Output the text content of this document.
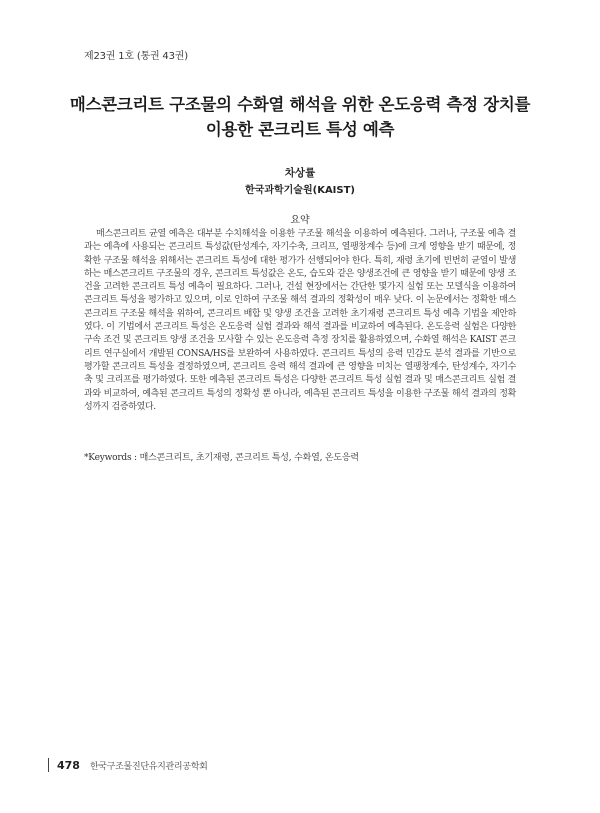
제23권 1호 (통권 43권)
매스콘크리트 구조물의 수화열 해석을 위한 온도응력 측정 장치를
이용한 콘크리트 특성 예측
차상률
한국과학기술원(KAIST)
요약

매스콘크리트 균열 예측은 대부분 수치해석을 이용한 구조물 해석을 이용하여 예측된다. 그러나, 구조물 예측 결과는 예측에 사용되는 콘크리트 특성값(탄성계수, 자기수축, 크리프, 열팽창계수 등)에 크게 영향을 받기 때문에, 정확한 구조물 해석을 위해서는 콘크리트 특성에 대한 평가가 선행되어야 한다. 특히, 재령 초기에 빈번히 균열이 발생하는 매스콘크리트 구조물의 경우, 콘크리트 특성값은 온도, 습도와 같은 양생조건에 큰 영향을 받기 때문에 양생 조건을 고려한 콘크리트 특성 예측이 필요하다. 그러나, 건설 현장에서는 간단한 몇가지 실험 또는 모델식을 이용하여 콘크리트 특성을 평가하고 있으며, 이로 인하여 구조물 해석 결과의 정확성이 매우 낮다. 이 논문에서는 정확한 매스콘크리트 구조물 해석을 위하여, 콘크리트 배합 및 양생 조건을 고려한 초기재령 콘크리트 특성 예측 기법을 제안하였다. 이 기법에서 콘크리트 특성은 온도응력 실험 결과와 해석 결과를 비교하여 예측된다. 온도응력 실험은 다양한 구속 조건 및 콘크리트 양생 조건을 모사할 수 있는 온도응력 측정 장치를 활용하였으며, 수화열 해석은 KAIST 콘크리트 연구실에서 개발된 CONSA/HS를 보완하여 사용하였다. 콘크리트 특성의 응력 민감도 분석 결과를 기반으로 평가할 콘크리트 특성을 결정하였으며, 콘크리트 응력 해석 결과에 큰 영향을 미치는 열팽창계수, 탄성계수, 자기수축 및 크리프를 평가하였다. 또한 예측된 콘크리트 특성은 다양한 콘크리트 특성 실험 결과 및 매스콘크리트 실험 결과와 비교하여, 예측된 콘크리트 특성의 정확성 뿐 아니라, 예측된 콘크리트 특성을 이용한 구조물 해석 결과의 정확성까지 검증하였다.

*Keywords : 매스콘크리트, 초기재령, 콘크리트 특성, 수화열, 온도응력
478 한국구조물진단유지관리공학회
